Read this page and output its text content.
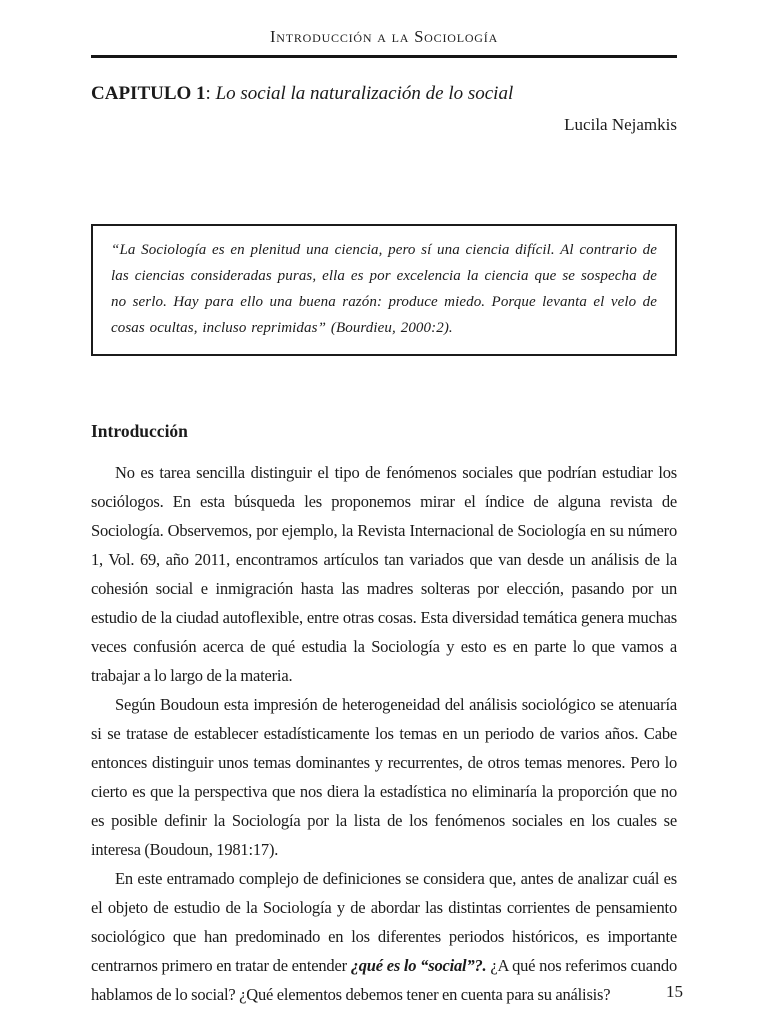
Introducción a la Sociología
CAPITULO 1: Lo social la naturalización de lo social
Lucila Nejamkis

“La Sociología es en plenitud una ciencia, pero sí una ciencia difícil. Al contrario de las ciencias consideradas puras, ella es por excelencia la ciencia que se sospecha de no serlo. Hay para ello una buena razón: produce miedo. Porque levanta el velo de cosas ocultas, incluso reprimidas” (Bourdieu, 2000:2).

Introducción

No es tarea sencilla distinguir el tipo de fenómenos sociales que podrían estudiar los sociólogos. En esta búsqueda les proponemos mirar el índice de alguna revista de Sociología. Observemos, por ejemplo, la Revista Internacional de Sociología en su número 1, Vol. 69, año 2011, encontramos artículos tan variados que van desde un análisis de la cohesión social e inmigración hasta las madres solteras por elección, pasando por un estudio de la ciudad autoflexible, entre otras cosas. Esta diversidad temática genera muchas veces confusión acerca de qué estudia la Sociología y esto es en parte lo que vamos a trabajar a lo largo de la materia.

Según Boudoun esta impresión de heterogeneidad del análisis sociológico se atenuaría si se tratase de establecer estadísticamente los temas en un periodo de varios años. Cabe entonces distinguir unos temas dominantes y recurrentes, de otros temas menores. Pero lo cierto es que la perspectiva que nos diera la estadística no eliminaría la proporción que no es posible definir la Sociología por la lista de los fenómenos sociales en los cuales se interesa (Boudoun, 1981:17).

En este entramado complejo de definiciones se considera que, antes de analizar cuál es el objeto de estudio de la Sociología y de abordar las distintas corrientes de pensamiento sociológico que han predominado en los diferentes periodos históricos, es importante centrarnos primero en tratar de entender ¿qué es lo “social”?. ¿A qué nos referimos cuando hablamos de lo social? ¿Qué elementos debemos tener en cuenta para su análisis?	15
